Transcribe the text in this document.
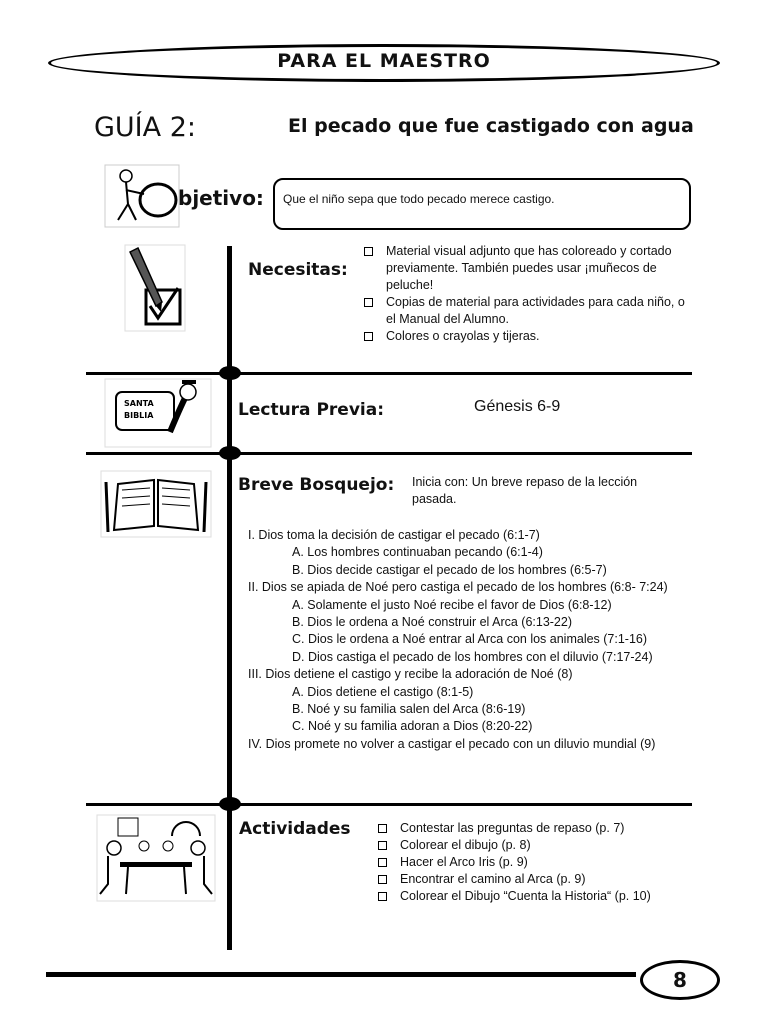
PARA EL MAESTRO
GUÍA 2:	El pecado que fue castigado con agua
bjetivo:	Que el niño sepa que todo pecado merece castigo.
Necesitas:
Material visual adjunto que has coloreado y cortado previamente. También puedes usar ¡muñecos de peluche!
Copias de material para actividades para cada niño, o el Manual del Alumno.
Colores o crayolas y tijeras.
SANTA
BIBLIA	Lectura Previa:	Génesis 6-9
Breve Bosquejo: Inicia con: Un breve repaso de la lección pasada.
I. Dios toma la decisión de castigar el pecado (6:1-7)
A. Los hombres continuaban pecando (6:1-4)
B. Dios decide castigar el pecado de los hombres (6:5-7)
II. Dios se apiada de Noé pero castiga el pecado de los hombres (6:8- 7:24)
A. Solamente el justo Noé recibe el favor de Dios (6:8-12)
B. Dios le ordena a Noé construir el Arca (6:13-22)
C. Dios le ordena a Noé entrar al Arca con los animales (7:1-16)
D. Dios castiga el pecado de los hombres con el diluvio (7:17-24)
III. Dios detiene el castigo y recibe la adoración de Noé (8)
A. Dios detiene el castigo (8:1-5)
B. Noé y su familia salen del Arca (8:6-19)
C. Noé y su familia adoran a Dios (8:20-22)
IV. Dios promete no volver a castigar el pecado con un diluvio mundial (9)
Actividades	Contestar las preguntas de repaso (p. 7)
Colorear el dibujo (p. 8)
Hacer el Arco Iris (p. 9)
Encontrar el camino al Arca (p. 9)
Colorear el Dibujo “Cuenta la Historia“ (p. 10)
8
